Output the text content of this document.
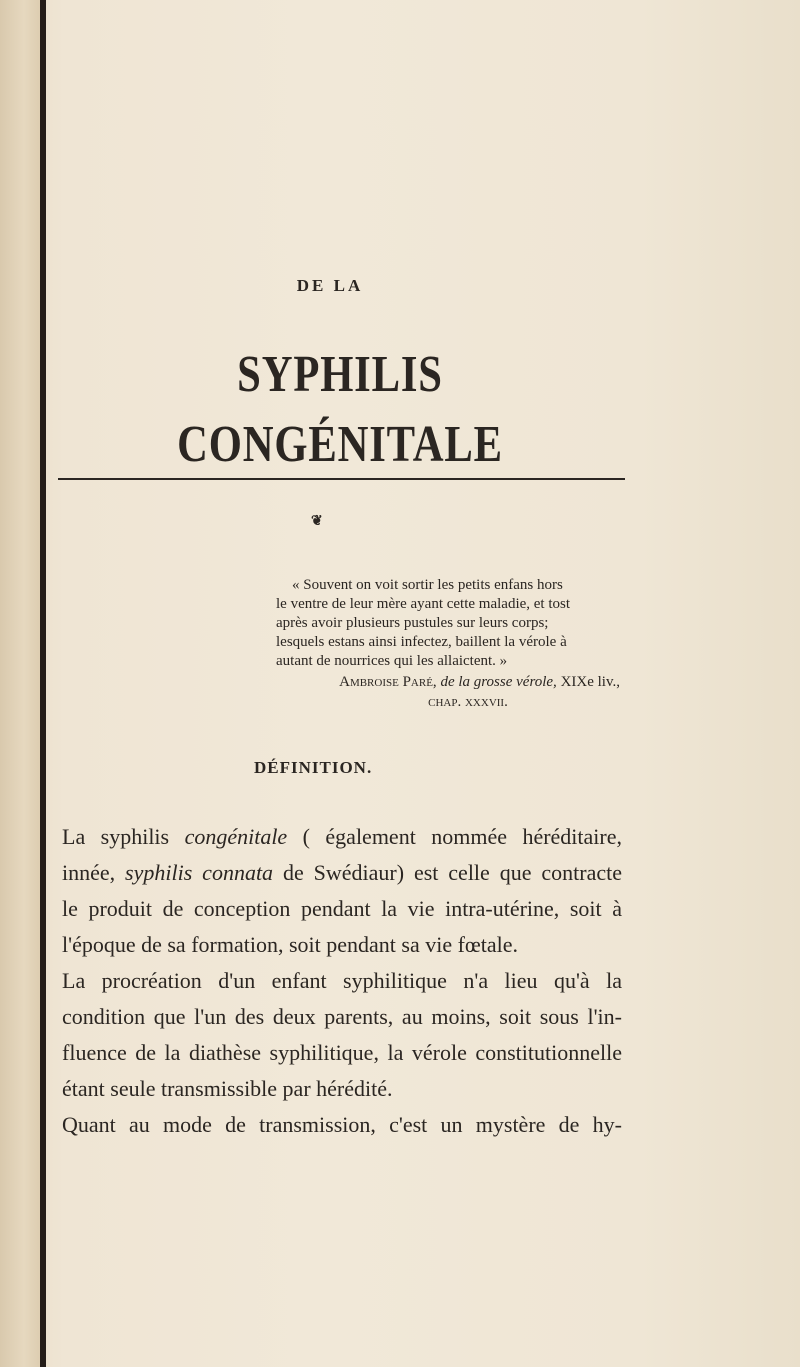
DE LA
SYPHILIS CONGÉNITALE
❦
« Souvent on voit sortir les petits enfans hors
le ventre de leur mère ayant cette maladie, et tost
après avoir plusieurs pustules sur leurs corps;
lesquels estans ainsi infectez, baillent la vérole à
autant de nourrices qui les allaictent. »
Ambroise Paré, de la grosse vérole, XIXe liv.,
chap. xxxvii.
DÉFINITION.
La syphilis congénitale ( également nommée héréditaire,
innée, syphilis connata de Swédiaur) est celle que contracte
le produit de conception pendant la vie intra-utérine, soit à
l'époque de sa formation, soit pendant sa vie fœtale.
La procréation d'un enfant syphilitique n'a lieu qu'à la
condition que l'un des deux parents, au moins, soit sous l'in-
fluence de la diathèse syphilitique, la vérole constitutionnelle
étant seule transmissible par hérédité.
Quant au mode de transmission, c'est un mystère de hy-
